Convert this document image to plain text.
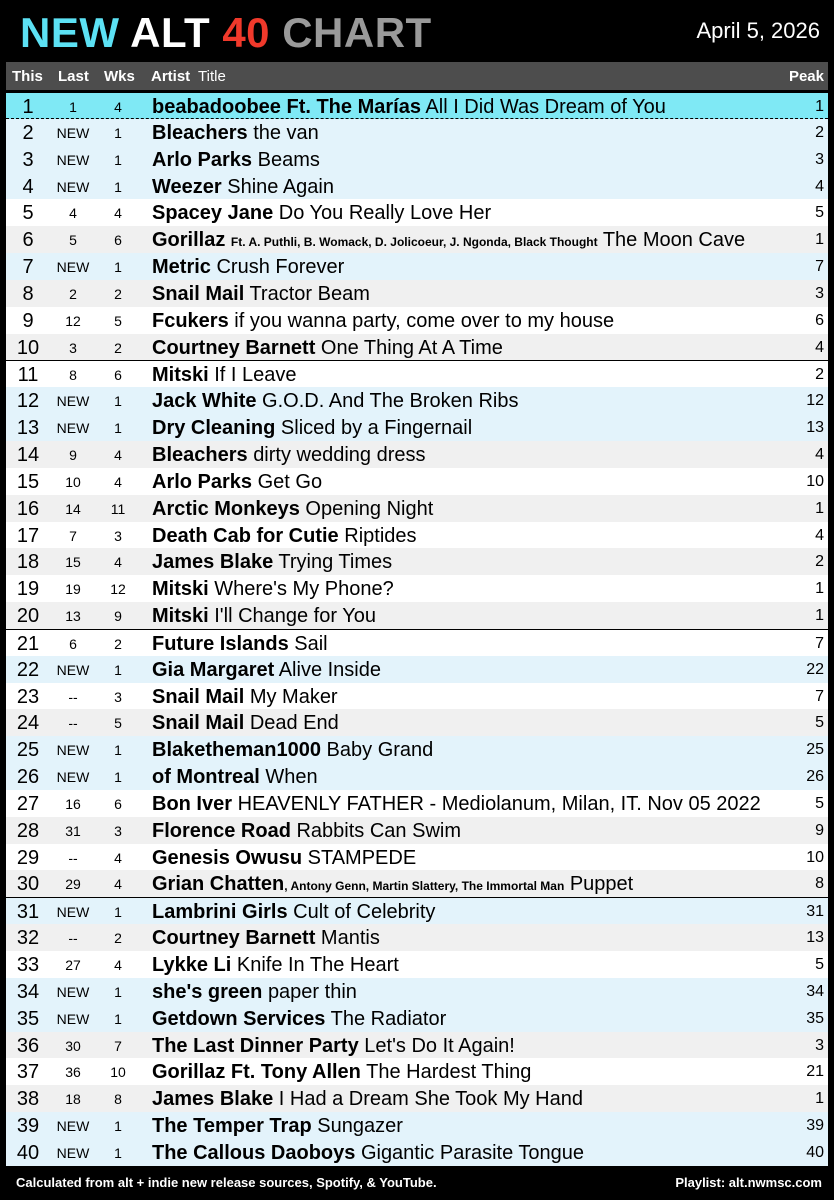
NEW ALT 40 CHART	April 5, 2026
This Last Wks Artist Title	Peak
1	1	4	beabadoobee Ft. The Marías All I Did Was Dream of You	1
2	NEW	1	Bleachers the van	2
3	NEW	1	Arlo Parks Beams	3
4	NEW	1	Weezer Shine Again	4
5	4	4	Spacey Jane Do You Really Love Her	5
6	5	6	Gorillaz Ft. A. Puthli, B. Womack, D. Jolicoeur, J. Ngonda, Black Thought The Moon Cave	1
7	NEW	1	Metric Crush Forever	7
8	2	2	Snail Mail Tractor Beam	3
9	12	5	Fcukers if you wanna party, come over to my house	6
10	3	2	Courtney Barnett One Thing At A Time	4
11	8	6	Mitski If I Leave	2
12	NEW	1	Jack White G.O.D. And The Broken Ribs	12
13	NEW	1	Dry Cleaning Sliced by a Fingernail	13
14	9	4	Bleachers dirty wedding dress	4
15	10	4	Arlo Parks Get Go	10
16	14	11	Arctic Monkeys Opening Night	1
17	7	3	Death Cab for Cutie Riptides	4
18	15	4	James Blake Trying Times	2
19	19	12	Mitski Where's My Phone?	1
20	13	9	Mitski I'll Change for You	1
21	6	2	Future Islands Sail	7
22	NEW	1	Gia Margaret Alive Inside	22
23	--	3	Snail Mail My Maker	7
24	--	5	Snail Mail Dead End	5
25	NEW	1	Blaketheman1000 Baby Grand	25
26	NEW	1	of Montreal When	26
27	16	6	Bon Iver HEAVENLY FATHER - Mediolanum, Milan, IT. Nov 05 2022	5
28	31	3	Florence Road Rabbits Can Swim	9
29	--	4	Genesis Owusu STAMPEDE	10
30	29	4	Grian Chatten, Antony Genn, Martin Slattery, The Immortal Man Puppet	8
31	NEW	1	Lambrini Girls Cult of Celebrity	31
32	--	2	Courtney Barnett Mantis	13
33	27	4	Lykke Li Knife In The Heart	5
34	NEW	1	she's green paper thin	34
35	NEW	1	Getdown Services The Radiator	35
36	30	7	The Last Dinner Party Let's Do It Again!	3
37	36	10	Gorillaz Ft. Tony Allen The Hardest Thing	21
38	18	8	James Blake I Had a Dream She Took My Hand	1
39	NEW	1	The Temper Trap Sungazer	39
40	NEW	1	The Callous Daoboys Gigantic Parasite Tongue	40
Calculated from alt + indie new release sources, Spotify, & YouTube.	Playlist: alt.nwmsc.com
